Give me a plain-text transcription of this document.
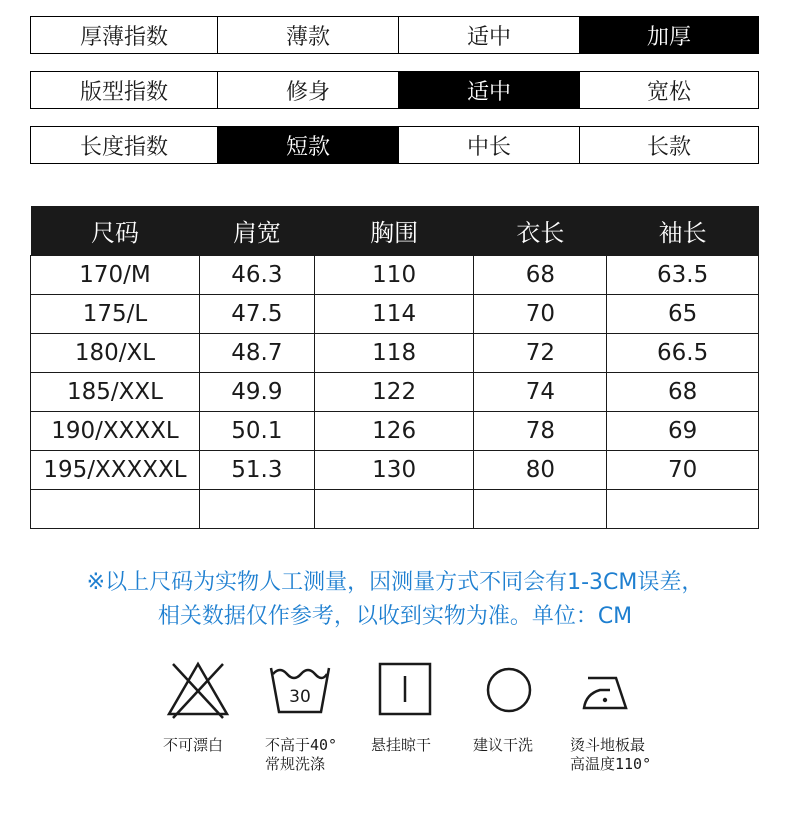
厚薄指数	薄款	适中	加厚
版型指数	修身	适中	宽松
长度指数	短款	中长	长款
尺码	肩宽	胸围	衣长	袖长
170/M	46.3	110	68	63.5
175/L	47.5	114	70	65
180/XL	48.7	118	72	66.5
185/XXL	49.9	122	74	68
190/XXXXL	50.1	126	78	69
195/XXXXXL	51.3	130	80	70

※以上尺码为实物人工测量，因测量方式不同会有1-3CM误差，
相关数据仅作参考，以收到实物为准。单位：CM
不可漂白
30
不高于40°
常规洗涤
悬挂晾干	建议干洗	烫斗地板最
高温度110°
